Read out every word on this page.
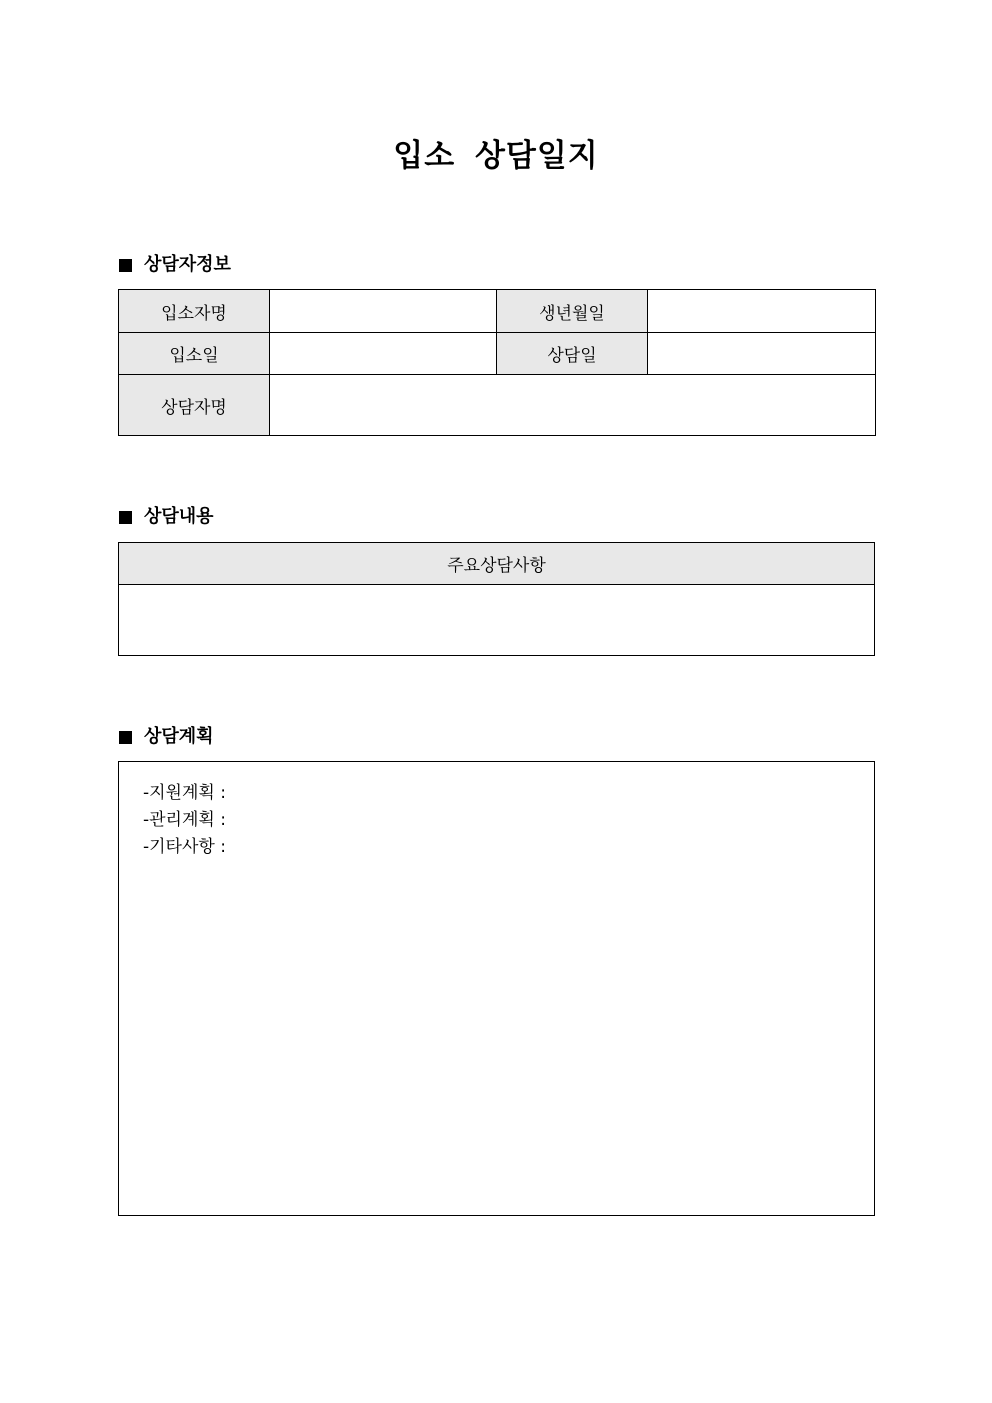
입소 상담일지
상담자정보
입소자명		생년월일	
입소일		상담일	
상담자명			
상담내용
주요상담사항

상담계획
-지원계획 :
-관리계획 :
-기타사항 :
